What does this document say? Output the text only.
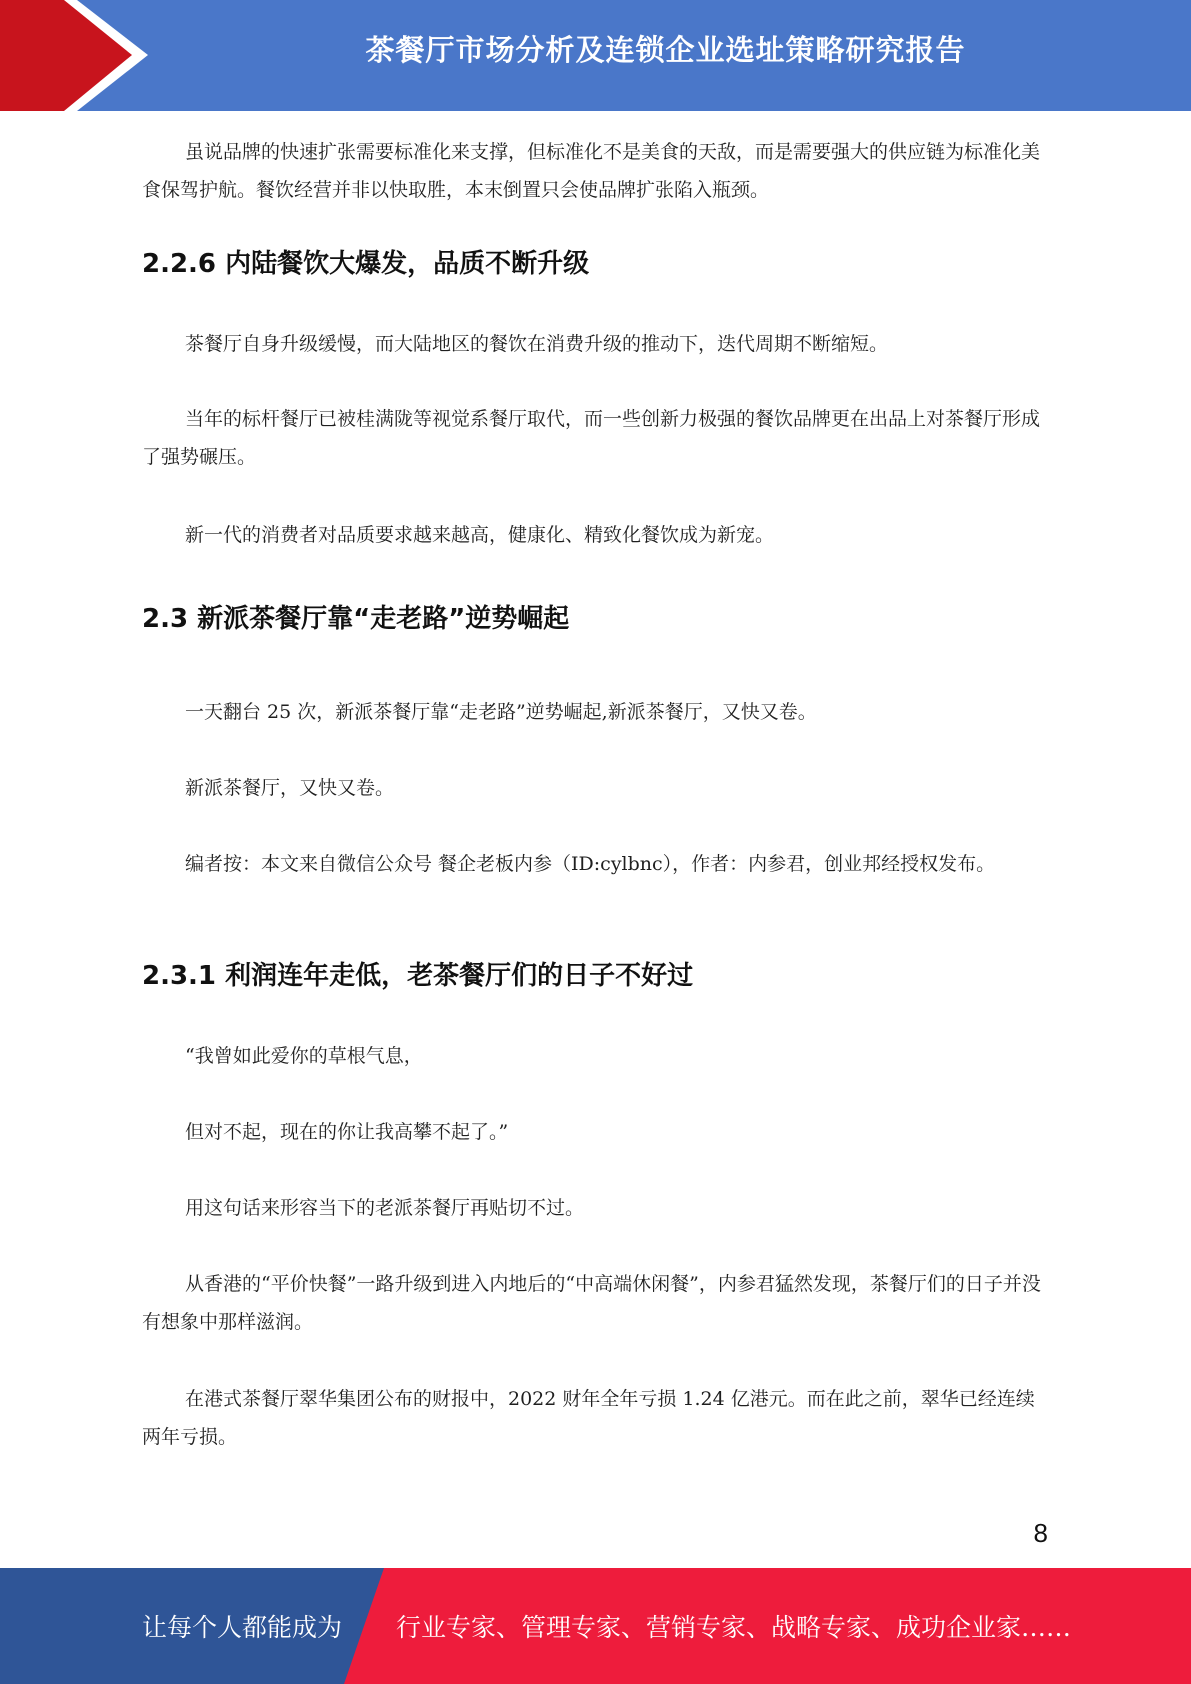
茶餐厅市场分析及连锁企业选址策略研究报告

虽说品牌的快速扩张需要标准化来支撑，但标准化不是美食的天敌，而是需要强大的供应链为标准化美食保驾护航。餐饮经营并非以快取胜，本末倒置只会使品牌扩张陷入瓶颈。

2.2.6 内陆餐饮大爆发，品质不断升级

茶餐厅自身升级缓慢，而大陆地区的餐饮在消费升级的推动下，迭代周期不断缩短。

当年的标杆餐厅已被桂满陇等视觉系餐厅取代，而一些创新力极强的餐饮品牌更在出品上对茶餐厅形成了强势碾压。

新一代的消费者对品质要求越来越高，健康化、精致化餐饮成为新宠。

2.3 新派茶餐厅靠“走老路”逆势崛起

一天翻台 25 次，新派茶餐厅靠“走老路”逆势崛起,新派茶餐厅，又快又卷。

新派茶餐厅，又快又卷。

编者按：本文来自微信公众号 餐企老板内参（ID:cylbnc），作者：内参君，创业邦经授权发布。

2.3.1 利润连年走低，老茶餐厅们的日子不好过

“我曾如此爱你的草根气息，

但对不起，现在的你让我高攀不起了。”

用这句话来形容当下的老派茶餐厅再贴切不过。

从香港的“平价快餐”一路升级到进入内地后的“中高端休闲餐”，内参君猛然发现，茶餐厅们的日子并没有想象中那样滋润。

在港式茶餐厅翠华集团公布的财报中，2022 财年全年亏损 1.24 亿港元。而在此之前，翠华已经连续两年亏损。

8
让每个人都能成为 行业专家、管理专家、营销专家、战略专家、成功企业家……
